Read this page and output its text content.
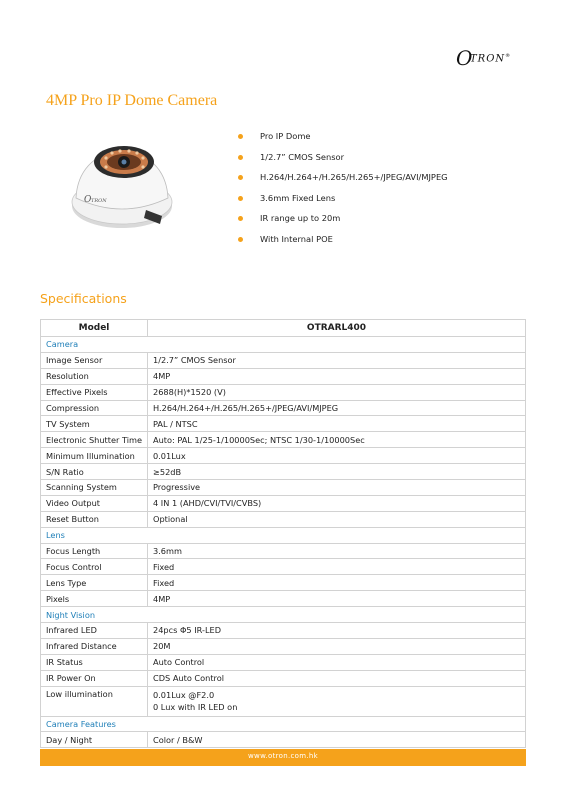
O
TRON®
4MP Pro IP Dome Camera
O TRON
Pro IP Dome
1/2.7” CMOS Sensor
H.264/H.264+/H.265/H.265+/JPEG/AVI/MJPEG
3.6mm Fixed Lens
IR range up to 20m
With Internal POE
Specifications
Model	OTRARL400
Camera	
Image Sensor	1/2.7” CMOS Sensor
Resolution	4MP
Effective Pixels	2688(H)*1520 (V)
Compression	H.264/H.264+/H.265/H.265+/JPEG/AVI/MJPEG
TV System	PAL / NTSC
Electronic Shutter Time	Auto: PAL 1/25-1/10000Sec; NTSC 1/30-1/10000Sec
Minimum Illumination	0.01Lux
S/N Ratio	≥52dB
Scanning System	Progressive
Video Output	4 IN 1 (AHD/CVI/TVI/CVBS)
Reset Button	Optional
Lens	
Focus Length	3.6mm
Focus Control	Fixed
Lens Type	Fixed
Pixels	4MP
Night Vision	
Infrared LED	24pcs Φ5 IR-LED
Infrared Distance	20M
IR Status	Auto Control
IR Power On	CDS Auto Control
Low illumination	0.01Lux @F2.0
0 Lux with IR LED on

Camera Features	
Day / Night	Color / B&W
www.otron.com.hk
